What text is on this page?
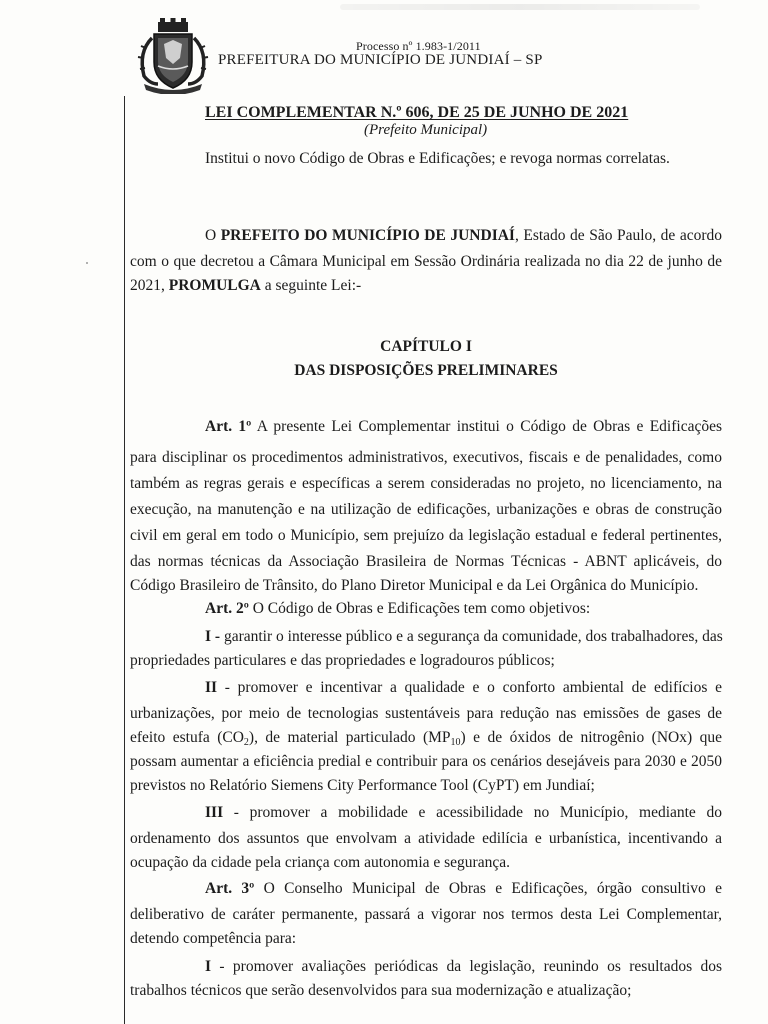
Processo nº 1.983-1/2011
PREFEITURA DO MUNICÍPIO DE JUNDIAÍ – SP
LEI COMPLEMENTAR N.º 606, DE 25 DE JUNHO DE 2021
(Prefeito Municipal)
Institui o novo Código de Obras e Edificações; e revoga normas correlatas.
O PREFEITO DO MUNICÍPIO DE JUNDIAÍ, Estado de São Paulo, de acordo
com o que decretou a Câmara Municipal em Sessão Ordinária realizada no dia 22 de junho de
2021, PROMULGA a seguinte Lei:-
CAPÍTULO I
DAS DISPOSIÇÕES PRELIMINARES
Art. 1º A presente Lei Complementar institui o Código de Obras e Edificações
para disciplinar os procedimentos administrativos, executivos, fiscais e de penalidades, como
também as regras gerais e específicas a serem consideradas no projeto, no licenciamento, na
execução, na manutenção e na utilização de edificações, urbanizações e obras de construção
civil em geral em todo o Município, sem prejuízo da legislação estadual e federal pertinentes,
das normas técnicas da Associação Brasileira de Normas Técnicas - ABNT aplicáveis, do
Código Brasileiro de Trânsito, do Plano Diretor Municipal e da Lei Orgânica do Município.
Art. 2º O Código de Obras e Edificações tem como objetivos:
I - garantir o interesse público e a segurança da comunidade, dos trabalhadores, das
propriedades particulares e das propriedades e logradouros públicos;
II - promover e incentivar a qualidade e o conforto ambiental de edifícios e
urbanizações, por meio de tecnologias sustentáveis para redução nas emissões de gases de
efeito estufa $(CO_2)$, de material particulado $(MP_{10})$ e de óxidos de nitrogênio (NOx) que
possam aumentar a eficiência predial e contribuir para os cenários desejáveis para 2030 e 2050
previstos no Relatório Siemens City Performance Tool (CyPT) em Jundiaí;
III - promover a mobilidade e acessibilidade no Município, mediante do
ordenamento dos assuntos que envolvam a atividade edilícia e urbanística, incentivando a
ocupação da cidade pela criança com autonomia e segurança.
Art. 3º O Conselho Municipal de Obras e Edificações, órgão consultivo e
deliberativo de caráter permanente, passará a vigorar nos termos desta Lei Complementar,
detendo competência para:
I - promover avaliações periódicas da legislação, reunindo os resultados dos
trabalhos técnicos que serão desenvolvidos para sua modernização e atualização;
